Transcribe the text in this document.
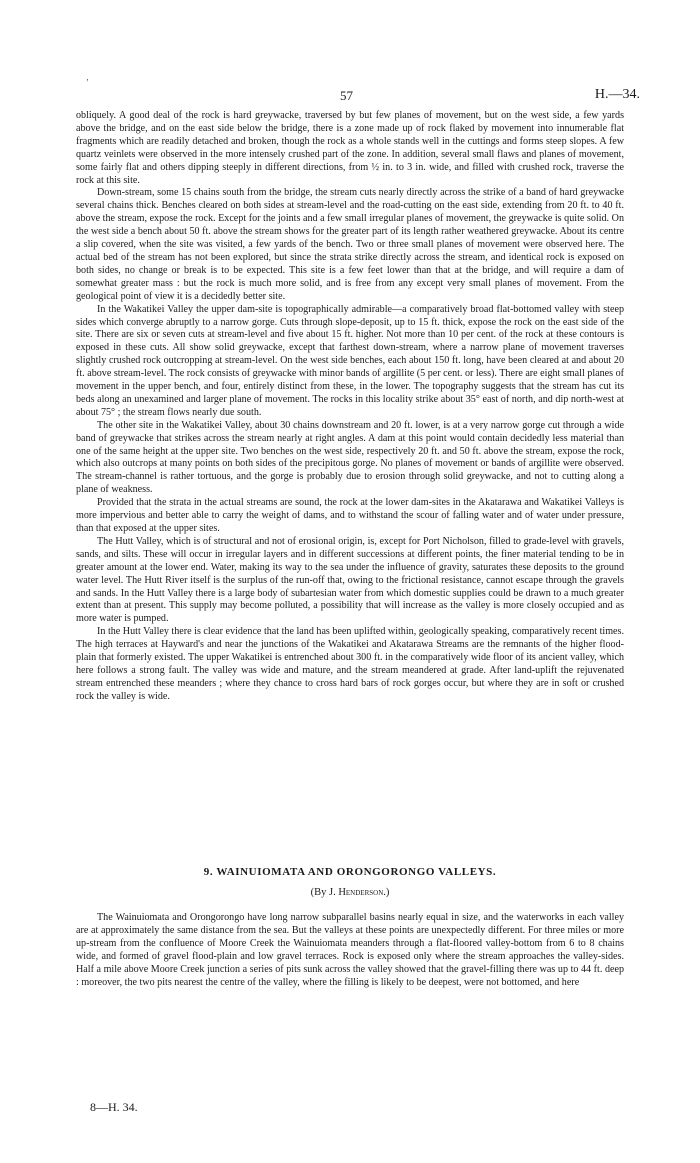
‚
57	H.—34.

obliquely. A good deal of the rock is hard greywacke, traversed by but few planes of movement, but on the west side, a few yards above the bridge, and on the east side below the bridge, there is a zone made up of rock flaked by movement into innumerable flat fragments which are readily detached and broken, though the rock as a whole stands well in the cuttings and forms steep slopes. A few quartz veinlets were observed in the more intensely crushed part of the zone. In addition, several small flaws and planes of movement, some fairly flat and others dipping steeply in different directions, from ½ in. to 3 in. wide, and filled with crushed rock, traverse the rock at this site.

Down-stream, some 15 chains south from the bridge, the stream cuts nearly directly across the strike of a band of hard greywacke several chains thick. Benches cleared on both sides at stream-level and the road-cutting on the east side, extending from 20 ft. to 40 ft. above the stream, expose the rock. Except for the joints and a few small irregular planes of movement, the greywacke is quite solid. On the west side a bench about 50 ft. above the stream shows for the greater part of its length rather weathered greywacke. About its centre a slip covered, when the site was visited, a few yards of the bench. Two or three small planes of movement were observed here. The actual bed of the stream has not been explored, but since the strata strike directly across the stream, and identical rock is exposed on both sides, no change or break is to be expected. This site is a few feet lower than that at the bridge, and will require a dam of somewhat greater mass : but the rock is much more solid, and is free from any except very small planes of movement. From the geological point of view it is a decidedly better site.

In the Wakatikei Valley the upper dam-site is topographically admirable—a comparatively broad flat-bottomed valley with steep sides which converge abruptly to a narrow gorge. Cuts through slope-deposit, up to 15 ft. thick, expose the rock on the east side of the site. There are six or seven cuts at stream-level and five about 15 ft. higher. Not more than 10 per cent. of the rock at these contours is exposed in these cuts. All show solid greywacke, except that farthest down-stream, where a narrow plane of movement traverses slightly crushed rock outcropping at stream-level. On the west side benches, each about 150 ft. long, have been cleared at and about 20 ft. above stream-level. The rock consists of greywacke with minor bands of argillite (5 per cent. or less). There are eight small planes of movement in the upper bench, and four, entirely distinct from these, in the lower. The topography suggests that the stream has cut its beds along an unexamined and larger plane of movement. The rocks in this locality strike about 35° east of north, and dip north-west at about 75° ; the stream flows nearly due south.

The other site in the Wakatikei Valley, about 30 chains downstream and 20 ft. lower, is at a very narrow gorge cut through a wide band of greywacke that strikes across the stream nearly at right angles. A dam at this point would contain decidedly less material than one of the same height at the upper site. Two benches on the west side, respectively 20 ft. and 50 ft. above the stream, expose the rock, which also outcrops at many points on both sides of the precipitous gorge. No planes of movement or bands of argillite were observed. The stream-channel is rather tortuous, and the gorge is probably due to erosion through solid greywacke, and not to cutting along a plane of weakness.

Provided that the strata in the actual streams are sound, the rock at the lower dam-sites in the Akatarawa and Wakatikei Valleys is more impervious and better able to carry the weight of dams, and to withstand the scour of falling water and of water under pressure, than that exposed at the upper sites.

The Hutt Valley, which is of structural and not of erosional origin, is, except for Port Nicholson, filled to grade-level with gravels, sands, and silts. These will occur in irregular layers and in different successions at different points, the finer material tending to be in greater amount at the lower end. Water, making its way to the sea under the influence of gravity, saturates these deposits to the ground water level. The Hutt River itself is the surplus of the run-off that, owing to the frictional resistance, cannot escape through the gravels and sands. In the Hutt Valley there is a large body of subartesian water from which domestic supplies could be drawn to a much greater extent than at present. This supply may become polluted, a possibility that will increase as the valley is more closely occupied and as more water is pumped.

In the Hutt Valley there is clear evidence that the land has been uplifted within, geologically speaking, comparatively recent times. The high terraces at Hayward's and near the junctions of the Wakatikei and Akatarawa Streams are the remnants of the higher flood-plain that formerly existed. The upper Wakatikei is entrenched about 300 ft. in the comparatively wide floor of its ancient valley, which here follows a strong fault. The valley was wide and mature, and the stream meandered at grade. After land-uplift the rejuvenated stream entrenched these meanders ; where they chance to cross hard bars of rock gorges occur, but where they are in soft or crushed rock the valley is wide.

9. WAINUIOMATA AND ORONGORONGO VALLEYS.
(By J. Henderson.)

The Wainuiomata and Orongorongo have long narrow subparallel basins nearly equal in size, and the waterworks in each valley are at approximately the same distance from the sea. But the valleys at these points are unexpectedly different. For three miles or more up-stream from the confluence of Moore Creek the Wainuiomata meanders through a flat-floored valley-bottom from 6 to 8 chains wide, and formed of gravel flood-plain and low gravel terraces. Rock is exposed only where the stream approaches the valley-sides. Half a mile above Moore Creek junction a series of pits sunk across the valley showed that the gravel-filling there was up to 44 ft. deep : moreover, the two pits nearest the centre of the valley, where the filling is likely to be deepest, were not bottomed, and here

8—H. 34.
